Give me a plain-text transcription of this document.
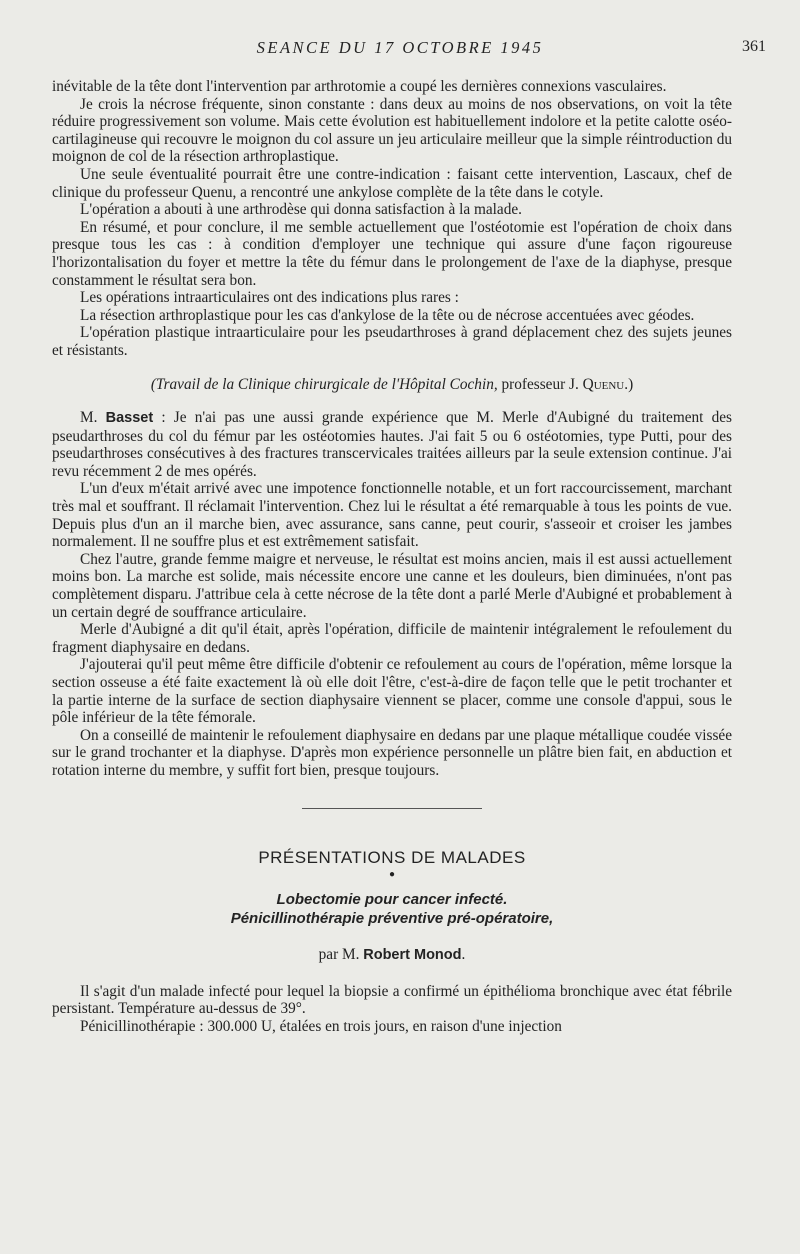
SEANCE DU 17 OCTOBRE 1945	361

inévitable de la tête dont l'intervention par arthrotomie a coupé les dernières connexions vasculaires.

Je crois la nécrose fréquente, sinon constante : dans deux au moins de nos observations, on voit la tête réduire progressivement son volume. Mais cette évolution est habituellement indolore et la petite calotte oséo-cartilagineuse qui recouvre le moignon du col assure un jeu articulaire meilleur que la simple réintroduction du moignon de col de la résection arthroplastique.

Une seule éventualité pourrait être une contre-indication : faisant cette intervention, Lascaux, chef de clinique du professeur Quenu, a rencontré une ankylose complète de la tête dans le cotyle.

L'opération a abouti à une arthrodèse qui donna satisfaction à la malade.

En résumé, et pour conclure, il me semble actuellement que l'ostéotomie est l'opération de choix dans presque tous les cas : à condition d'employer une technique qui assure d'une façon rigoureuse l'horizontalisation du foyer et mettre la tête du fémur dans le prolongement de l'axe de la diaphyse, presque constamment le résultat sera bon.

Les opérations intraarticulaires ont des indications plus rares :

La résection arthroplastique pour les cas d'ankylose de la tête ou de nécrose accentuées avec géodes.

L'opération plastique intraarticulaire pour les pseudarthroses à grand déplacement chez des sujets jeunes et résistants.

(Travail de la Clinique chirurgicale de l'Hôpital Cochin, professeur J. Quenu.)

M. Basset : Je n'ai pas une aussi grande expérience que M. Merle d'Aubigné du traitement des pseudarthroses du col du fémur par les ostéotomies hautes. J'ai fait 5 ou 6 ostéotomies, type Putti, pour des pseudarthroses consécutives à des fractures transcervicales traitées ailleurs par la seule extension continue. J'ai revu récemment 2 de mes opérés.

L'un d'eux m'était arrivé avec une impotence fonctionnelle notable, et un fort raccourcissement, marchant très mal et souffrant. Il réclamait l'intervention. Chez lui le résultat a été remarquable à tous les points de vue. Depuis plus d'un an il marche bien, avec assurance, sans canne, peut courir, s'asseoir et croiser les jambes normalement. Il ne souffre plus et est extrêmement satisfait.

Chez l'autre, grande femme maigre et nerveuse, le résultat est moins ancien, mais il est aussi actuellement moins bon. La marche est solide, mais nécessite encore une canne et les douleurs, bien diminuées, n'ont pas complètement disparu. J'attribue cela à cette nécrose de la tête dont a parlé Merle d'Aubigné et probablement à un certain degré de souffrance articulaire.

Merle d'Aubigné a dit qu'il était, après l'opération, difficile de maintenir intégralement le refoulement du fragment diaphysaire en dedans.

J'ajouterai qu'il peut même être difficile d'obtenir ce refoulement au cours de l'opération, même lorsque la section osseuse a été faite exactement là où elle doit l'être, c'est-à-dire de façon telle que le petit trochanter et la partie interne de la surface de section diaphysaire viennent se placer, comme une console d'appui, sous le pôle inférieur de la tête fémorale.

On a conseillé de maintenir le refoulement diaphysaire en dedans par une plaque métallique coudée vissée sur le grand trochanter et la diaphyse. D'après mon expérience personnelle un plâtre bien fait, en abduction et rotation interne du membre, y suffit fort bien, presque toujours.

PRÉSENTATIONS DE MALADES
●
Lobectomie pour cancer infecté.
Pénicillinothérapie préventive pré-opératoire,
par M. Robert Monod.

Il s'agit d'un malade infecté pour lequel la biopsie a confirmé un épithélioma bronchique avec état fébrile persistant. Température au-dessus de 39°.

Pénicillinothérapie : 300.000 U, étalées en trois jours, en raison d'une injection
